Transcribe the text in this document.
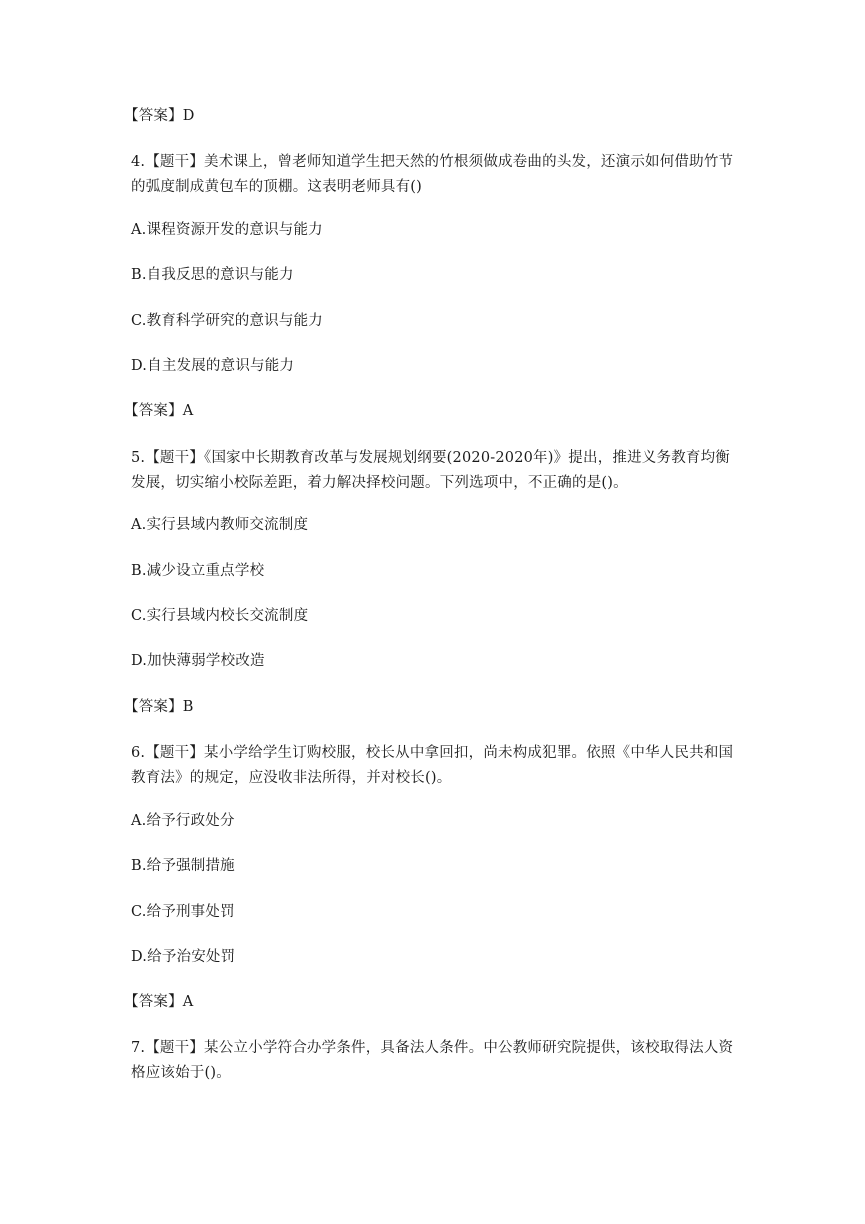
【答案】D
4.【题干】美术课上，曾老师知道学生把天然的竹根须做成卷曲的头发，还演示如何借助竹节的弧度制成黄包车的顶棚。这表明老师具有()
A.课程资源开发的意识与能力
B.自我反思的意识与能力
C.教育科学研究的意识与能力
D.自主发展的意识与能力
【答案】A
5.【题干】《国家中长期教育改革与发展规划纲要(2020-2020年)》提出，推进义务教育均衡发展，切实缩小校际差距，着力解决择校问题。下列选项中，不正确的是()。
A.实行县域内教师交流制度
B.减少设立重点学校
C.实行县域内校长交流制度
D.加快薄弱学校改造
【答案】B
6.【题干】某小学给学生订购校服，校长从中拿回扣，尚未构成犯罪。依照《中华人民共和国教育法》的规定，应没收非法所得，并对校长()。
A.给予行政处分
B.给予强制措施
C.给予刑事处罚
D.给予治安处罚
【答案】A
7.【题干】某公立小学符合办学条件，具备法人条件。中公教师研究院提供，该校取得法人资格应该始于()。
